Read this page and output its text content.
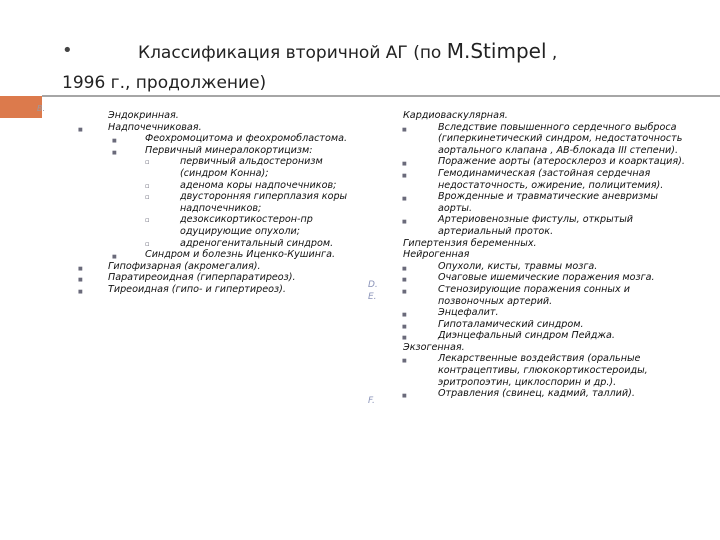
•	Классификация вторичной АГ (по M.Stimpel ,
1996 г., продолжение)
B.
Эндокринная.
■	Надпочечниковая.
■	Феохромоцитома и феохромобластома.
■	Первичный минералокортицизм:
▫	первичный альдостеронизм (синдром Конна);
▫	аденома коры надпочечников;
▫	двусторонняя гиперплазия коры надпочечников;
▫	дезоксикортикостерон-пр одуцирующие опухоли;
▫	адреногенитальный синдром.
■	Синдром и болезнь Иценко-Кушинга.
■	Гипофизарная (акромегалия).
■	Паратиреоидная (гиперпаратиреоз).
■	Тиреоидная (гипо- и гипертиреоз).	D.
E.
F.
Кардиоваскулярная.
■	Вследствие повышенного сердечного выброса (гиперкинетический синдром, недостаточность аортального клапана , АВ-блокада III степени).
■	Поражение аорты (атеросклероз и коарктация).
■	Гемодинамическая (застойная сердечная недостаточность, ожирение, полицитемия).
■	Врожденные и травматические аневризмы аорты.
■	Артериовенозные фистулы, открытый артериальный проток.
Гипертензия беременных.
Нейрогенная
■	Опухоли, кисты, травмы мозга.
■	Очаговые ишемические поражения мозга.
■	Стенозирующие поражения сонных и позвоночных артерий.
■	Энцефалит.
■	Гипоталамический синдром.
■	Диэнцефальный синдром Пейджа.
Экзогенная.
■	Лекарственные воздействия (оральные контрацептивы, глюкокортикостероиды, эритропоэтин, циклоспорин и др.).
■	Отравления (свинец, кадмий, таллий).
